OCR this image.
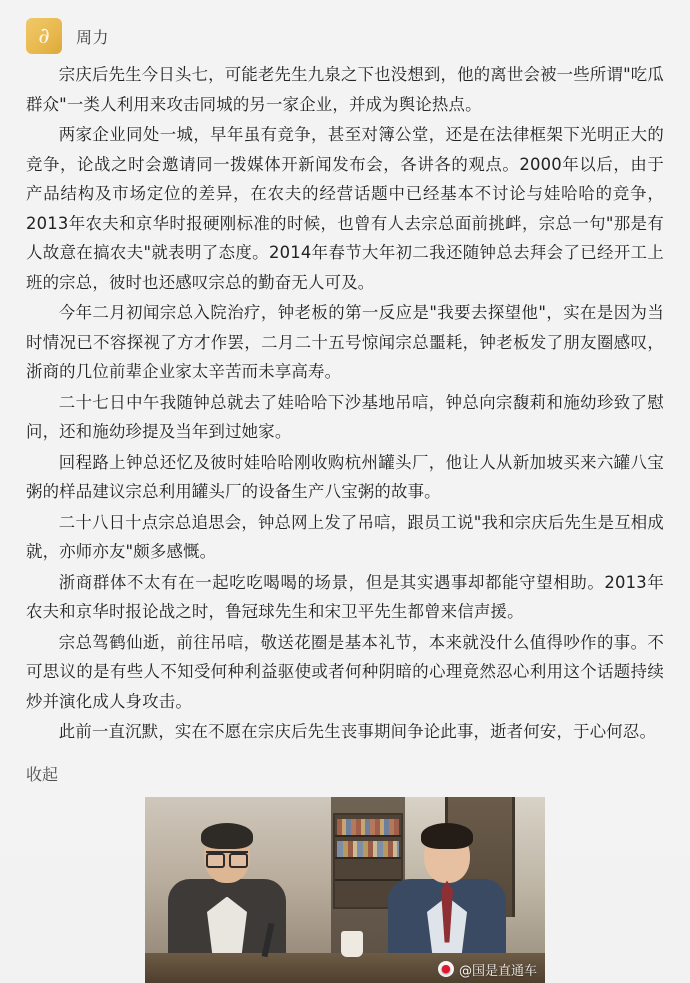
∂	周力

宗庆后先生今日头七，可能老先生九泉之下也没想到，他的离世会被一些所谓"吃瓜群众"一类人利用来攻击同城的另一家企业，并成为舆论热点。

两家企业同处一城，早年虽有竞争，甚至对簿公堂，还是在法律框架下光明正大的竞争，论战之时会邀请同一拨媒体开新闻发布会，各讲各的观点。2000年以后，由于产品结构及市场定位的差异，在农夫的经营话题中已经基本不讨论与娃哈哈的竞争，2013年农夫和京华时报硬刚标准的时候，也曾有人去宗总面前挑衅，宗总一句"那是有人故意在搞农夫"就表明了态度。2014年春节大年初二我还随钟总去拜会了已经开工上班的宗总，彼时也还感叹宗总的勤奋无人可及。

今年二月初闻宗总入院治疗，钟老板的第一反应是"我要去探望他"，实在是因为当时情况已不容探视了方才作罢，二月二十五号惊闻宗总噩耗，钟老板发了朋友圈感叹，浙商的几位前辈企业家太辛苦而未享高寿。

二十七日中午我随钟总就去了娃哈哈下沙基地吊唁，钟总向宗馥莉和施幼珍致了慰问，还和施幼珍提及当年到过她家。

回程路上钟总还忆及彼时娃哈哈刚收购杭州罐头厂，他让人从新加坡买来六罐八宝粥的样品建议宗总利用罐头厂的设备生产八宝粥的故事。

二十八日十点宗总追思会，钟总网上发了吊唁，跟员工说"我和宗庆后先生是互相成就，亦师亦友"颇多感慨。

浙商群体不太有在一起吃吃喝喝的场景，但是其实遇事却都能守望相助。2013年农夫和京华时报论战之时，鲁冠球先生和宋卫平先生都曾来信声援。

宗总驾鹤仙逝，前往吊唁，敬送花圈是基本礼节，本来就没什么值得吵作的事。不可思议的是有些人不知受何种利益驱使或者何种阴暗的心理竟然忍心利用这个话题持续炒并演化成人身攻击。

此前一直沉默，实在不愿在宗庆后先生丧事期间争论此事，逝者何安，于心何忍。

收起
● @国是直通车
